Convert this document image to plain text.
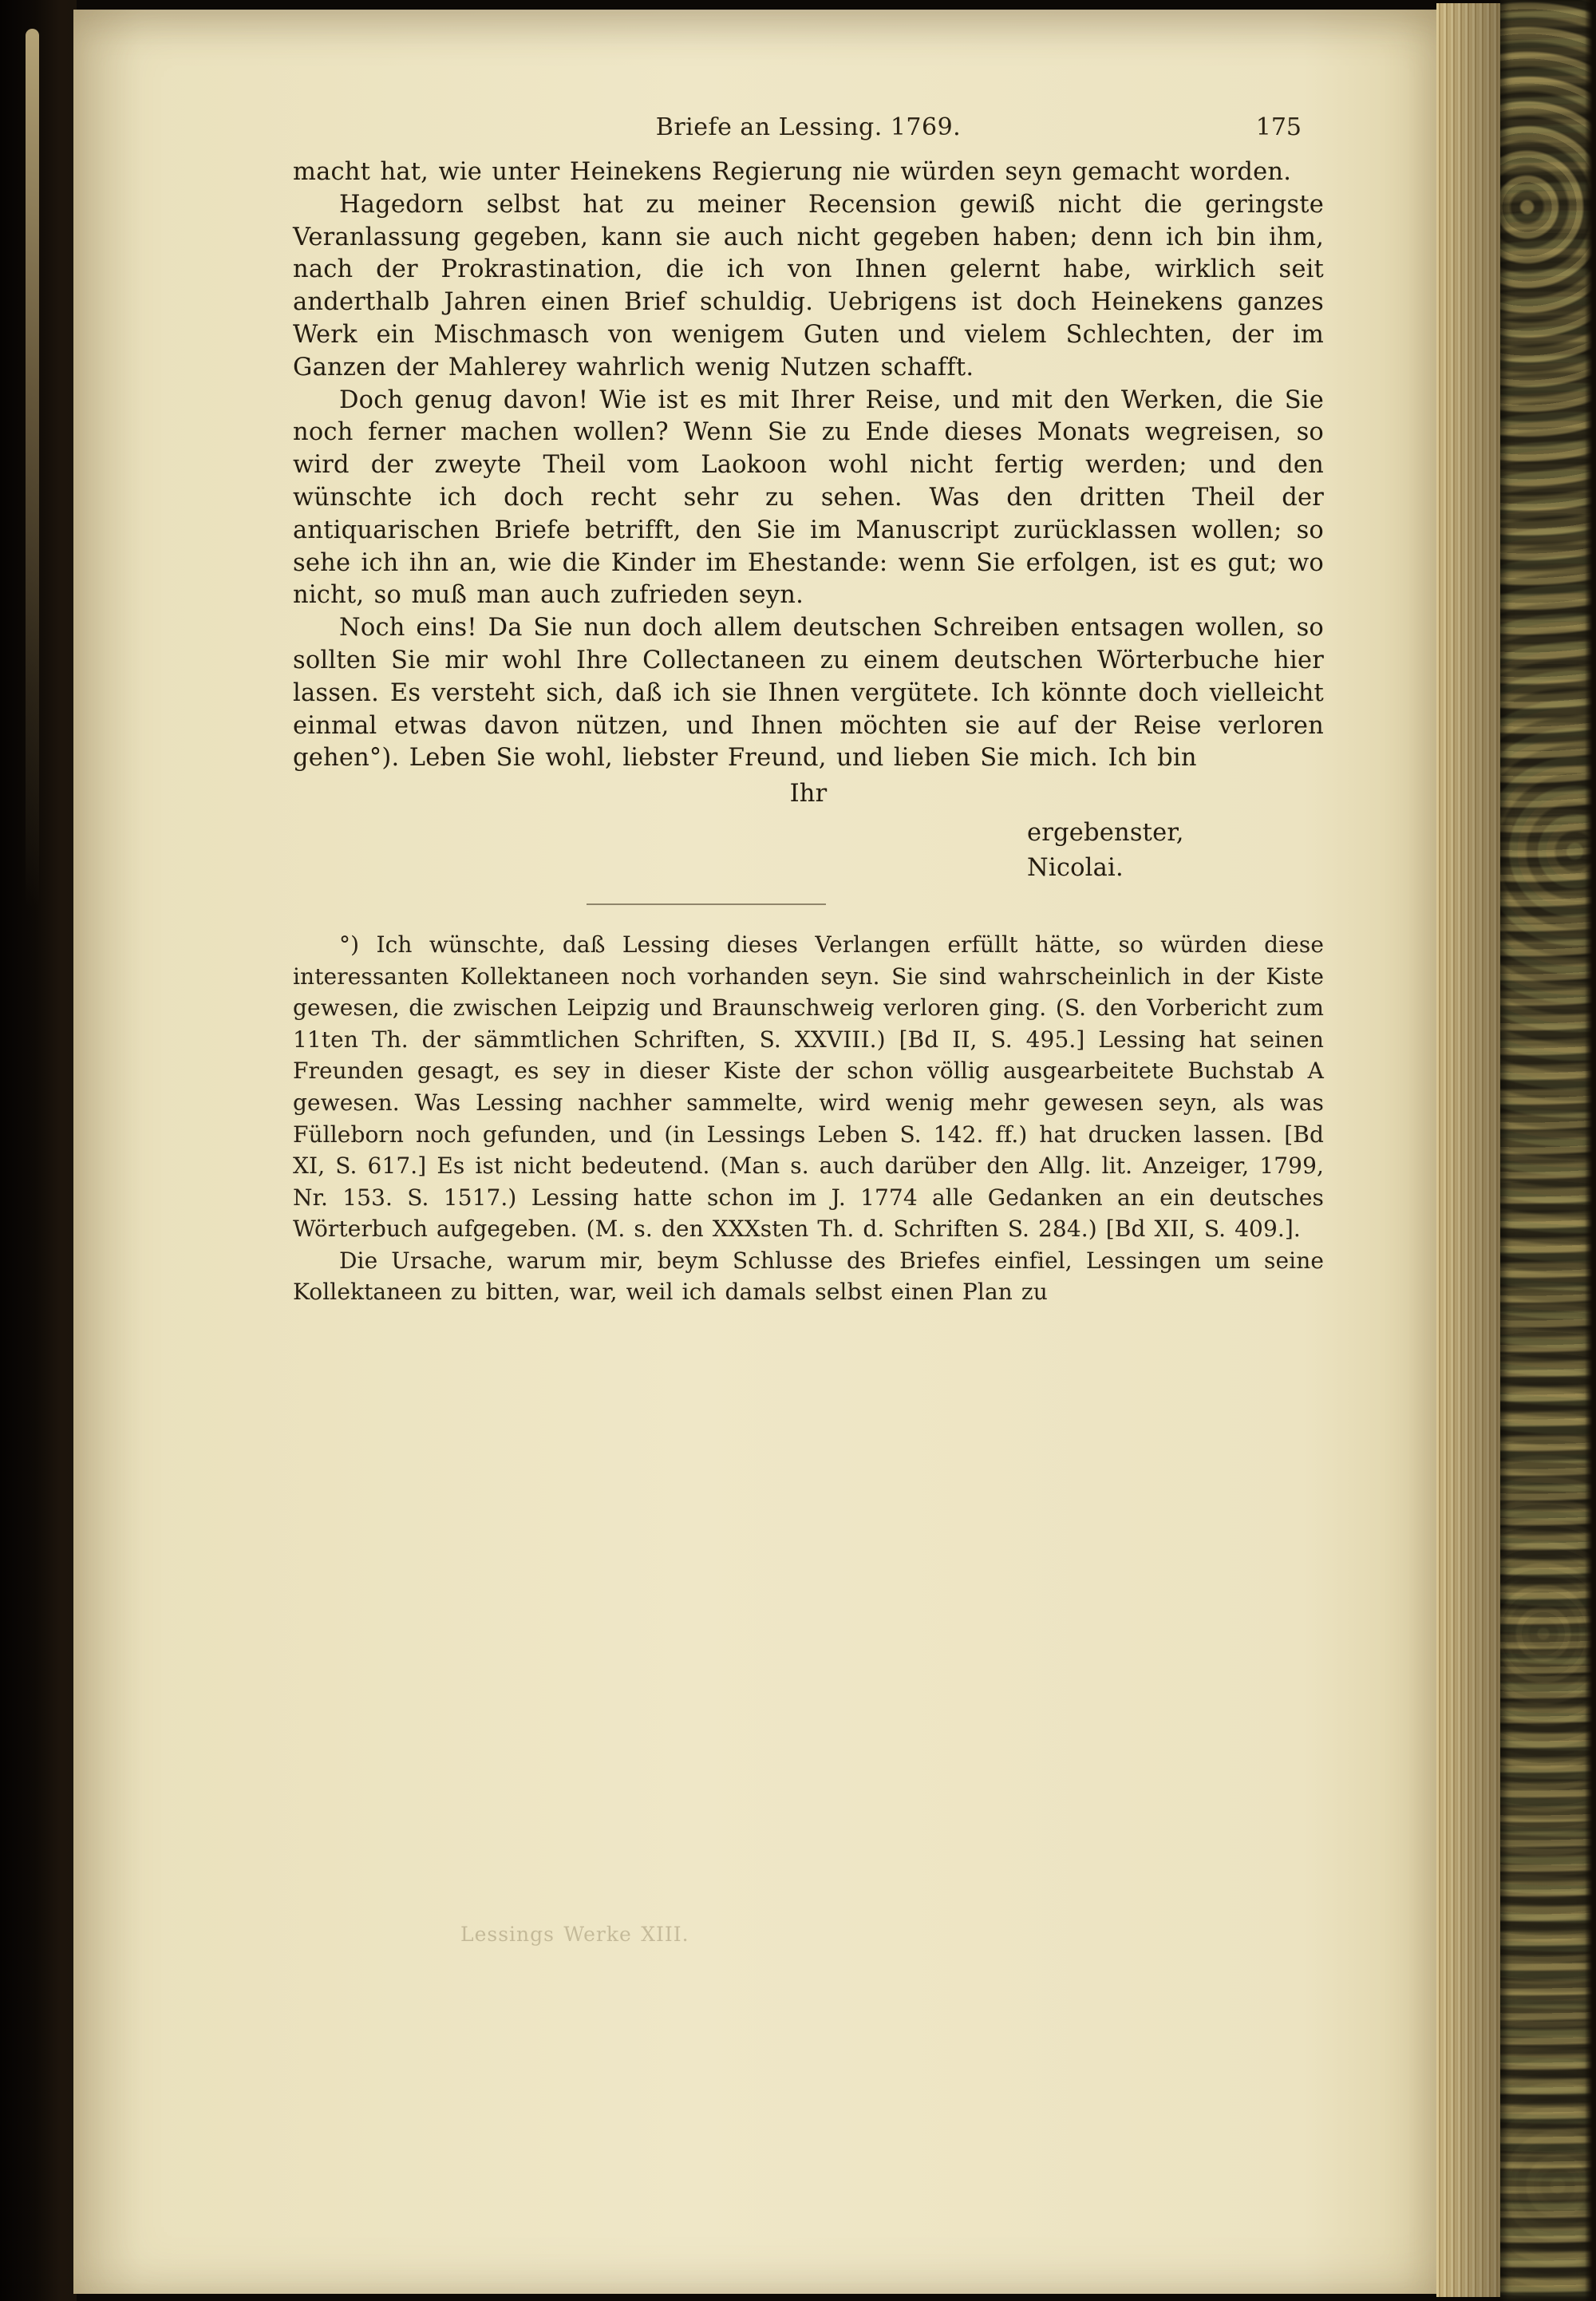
Briefe an Lessing. 1769.	175

macht hat, wie unter Heinekens Regierung nie würden seyn gemacht worden.

Hagedorn selbst hat zu meiner Recension gewiß nicht die geringste Veranlassung gegeben, kann sie auch nicht gegeben haben; denn ich bin ihm, nach der Prokrastination, die ich von Ihnen gelernt habe, wirklich seit anderthalb Jahren einen Brief schuldig. Uebrigens ist doch Heinekens ganzes Werk ein Mischmasch von wenigem Guten und vielem Schlechten, der im Ganzen der Mahlerey wahrlich wenig Nutzen schafft.

Doch genug davon! Wie ist es mit Ihrer Reise, und mit den Werken, die Sie noch ferner machen wollen? Wenn Sie zu Ende dieses Monats wegreisen, so wird der zweyte Theil vom Laokoon wohl nicht fertig werden; und den wünschte ich doch recht sehr zu sehen. Was den dritten Theil der antiquarischen Briefe betrifft, den Sie im Manuscript zurücklassen wollen; so sehe ich ihn an, wie die Kinder im Ehestande: wenn Sie erfolgen, ist es gut; wo nicht, so muß man auch zufrieden seyn.

Noch eins! Da Sie nun doch allem deutschen Schreiben entsagen wollen, so sollten Sie mir wohl Ihre Collectaneen zu einem deutschen Wörterbuche hier lassen. Es versteht sich, daß ich sie Ihnen vergütete. Ich könnte doch vielleicht einmal etwas davon nützen, und Ihnen möchten sie auf der Reise verloren gehen°). Leben Sie wohl, liebster Freund, und lieben Sie mich. Ich bin

Ihr
ergebenster,
Nicolai.

°) Ich wünschte, daß Lessing dieses Verlangen erfüllt hätte, so würden diese interessanten Kollektaneen noch vorhanden seyn. Sie sind wahrscheinlich in der Kiste gewesen, die zwischen Leipzig und Braunschweig verloren ging. (S. den Vorbericht zum 11ten Th. der sämmtlichen Schriften, S. XXVIII.) [Bd II, S. 495.] Lessing hat seinen Freunden gesagt, es sey in dieser Kiste der schon völlig ausgearbeitete Buchstab A gewesen. Was Lessing nachher sammelte, wird wenig mehr gewesen seyn, als was Fülleborn noch gefunden, und (in Lessings Leben S. 142. ff.) hat drucken lassen. [Bd XI, S. 617.] Es ist nicht bedeutend. (Man s. auch darüber den Allg. lit. Anzeiger, 1799, Nr. 153. S. 1517.) Lessing hatte schon im J. 1774 alle Gedanken an ein deutsches Wörterbuch aufgegeben. (M. s. den XXXsten Th. d. Schriften S. 284.) [Bd XII, S. 409.].

Die Ursache, warum mir, beym Schlusse des Briefes einfiel, Lessingen um seine Kollektaneen zu bitten, war, weil ich damals selbst einen Plan zu

Lessings Werke XIII.
